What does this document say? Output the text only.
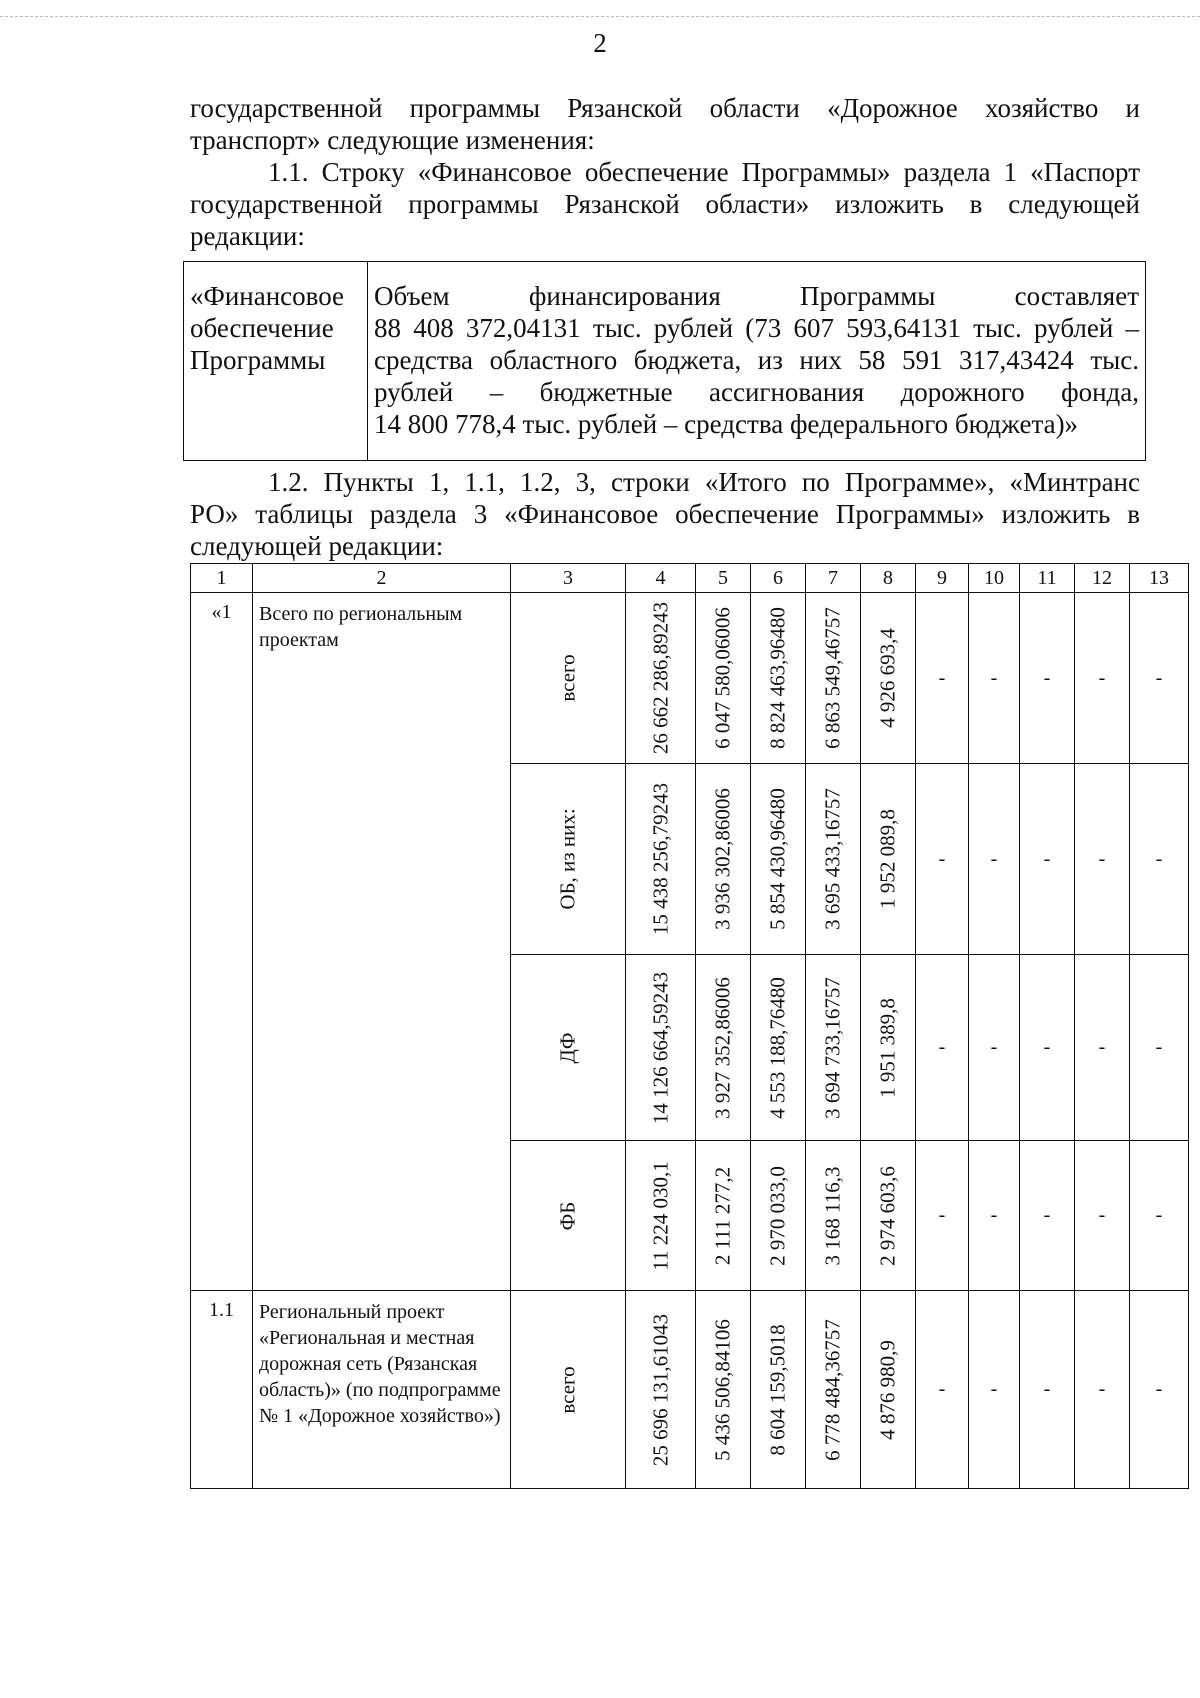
2

государственной программы Рязанской области «Дорожное хозяйство и

транспорт» следующие изменения:

1.1. Строку «Финансовое обеспечение Программы» раздела 1 «Паспорт

государственной программы Рязанской области» изложить в следующей

редакции:

«Финансовое
обеспечение
Программы

Объем финансирования Программы составляет
88 408 372,04131 тыс. рублей (73 607 593,64131 тыс. рублей –
средства областного бюджета, из них 58 591 317,43424 тыс.
рублей – бюджетные ассигнования дорожного фонда,
14 800 778,4 тыс. рублей – средства федерального бюджета)»

1.2. Пункты 1, 1.1, 1.2, 3, строки «Итого по Программе», «Минтранс

РО» таблицы раздела 3 «Финансовое обеспечение Программы» изложить в

следующей редакции:

1	2	3	4	5	6	7	8	9	10	11	12	13
«1	Всего по региональным проектам	всего	26 662 286,89243	6 047 580,06006	8 824 463,96480	6 863 549,46757	4 926 693,4	-	-	-	-	-

		ОБ, из них:	15 438 256,79243	3 936 302,86006	5 854 430,96480	3 695 433,16757	1 952 089,8	-	-	-	-	-

		ДФ	14 126 664,59243	3 927 352,86006	4 553 188,76480	3 694 733,16757	1 951 389,8	-	-	-	-	-

		ФБ	11 224 030,1	2 111 277,2	2 970 033,0	3 168 116,3	2 974 603,6	-	-	-	-	-
1.1	Региональный проект «Региональная и местная дорожная сеть (Рязанская область)» (по подпрограмме № 1 «Дорожное хозяйство»)	всего	25 696 131,61043	5 436 506,84106	8 604 159,5018	6 778 484,36757	4 876 980,9	-	-	-	-	-
